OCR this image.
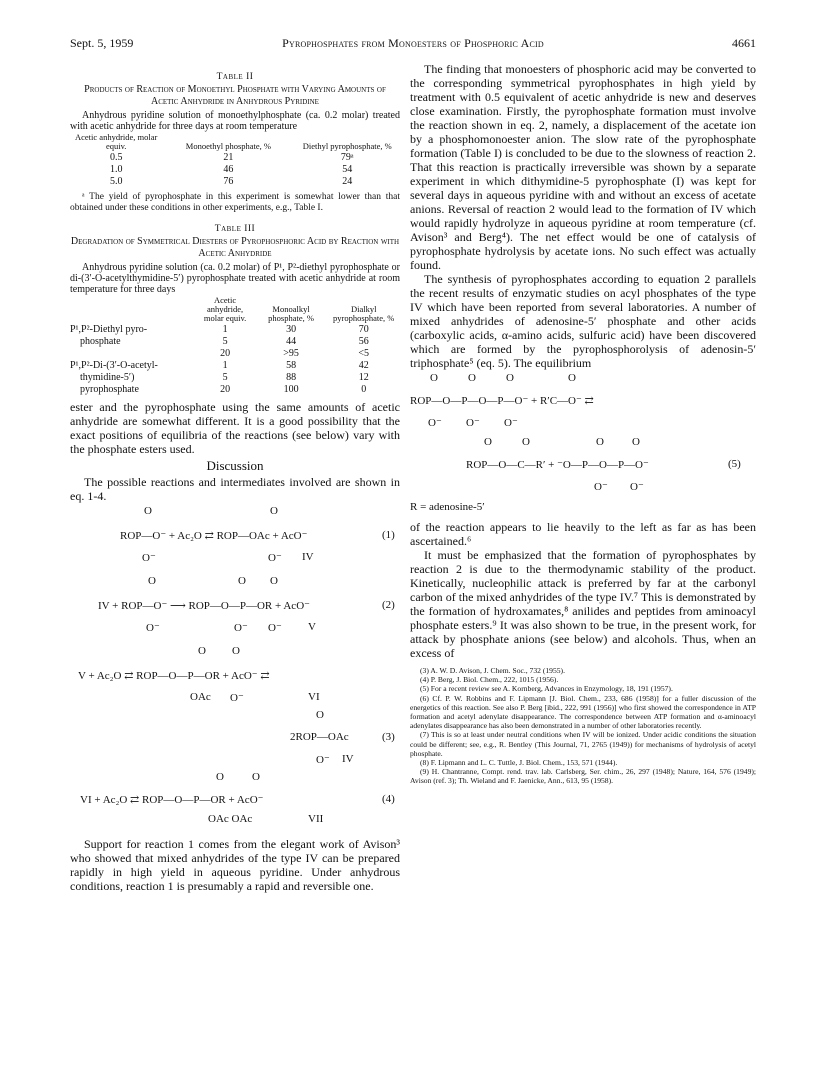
Sept. 5, 1959	Pyrophosphates from Monoesters of Phosphoric Acid	4661
Table II
Products of Reaction of Monoethyl Phosphate with Varying Amounts of Acetic Anhydride in Anhydrous Pyridine
Anhydrous pyridine solution of monoethylphosphate (ca. 0.2 molar) treated with acetic anhydride for three days at room temperature
Acetic anhydride, molar equiv.	Monoethyl phosphate, %	Diethyl pyrophosphate, %
0.5	21	79ᵃ
1.0	46	54
5.0	76	24
ᵃ The yield of pyrophosphate in this experiment is somewhat lower than that obtained under these conditions in other experiments, e.g., Table I.
Table III
Degradation of Symmetrical Diesters of Pyrophosphoric Acid by Reaction with Acetic Anhydride
Anhydrous pyridine solution (ca. 0.2 molar) of P¹, P²-diethyl pyrophosphate or di-(3′-O-acetylthymidine-5′) pyrophosphate treated with acetic anhydride at room temperature for three days
	Acetic anhydride, molar equiv.	Monoalkyl phosphate, %	Dialkyl pyrophosphate, %
P¹,P²-Diethyl pyro-	1	30	70
phosphate	5	44	56
	20	>95	<5
P¹,P²-Di-(3′-O-acetyl-	1	58	42
thymidine-5′)	5	88	12
pyrophosphate	20	100	0

ester and the pyrophosphate using the same amounts of acetic anhydride are somewhat different. It is a good possibility that the exact positions of equilibria of the reactions (see below) vary with the phosphate esters used.

Discussion

The possible reactions and intermediates involved are shown in eq. 1-4.

O	O
ROP—O⁻ + Ac₂O ⇄ ROP—OAc + AcO⁻	(1)
O⁻	O⁻ IV
O	O O
IV + ROP—O⁻ ⟶ ROP—O—P—OR + AcO⁻	(2)
O⁻	O⁻ O⁻ V
O O
V + Ac₂O ⇄ ROP—O—P—OR + AcO⁻ ⇄
OAc O⁻	VI
O
2ROP—OAc	(3)
O⁻ IV
O	O
VI + Ac₂O ⇄ ROP—O—P—OR + AcO⁻	(4)
OAc OAc	VII

Support for reaction 1 comes from the elegant work of Avison³ who showed that mixed anhydrides of the type IV can be prepared rapidly in high yield in aqueous pyridine. Under anhydrous conditions, reaction 1 is presumably a rapid and reversible one.

The finding that monoesters of phosphoric acid may be converted to the corresponding symmetrical pyrophosphates in high yield by treatment with 0.5 equivalent of acetic anhydride is new and deserves close examination. Firstly, the pyrophosphate formation must involve the reaction shown in eq. 2, namely, a displacement of the acetate ion by a phosphomonoester anion. The slow rate of the pyrophosphate formation (Table I) is concluded to be due to the slowness of reaction 2. That this reaction is practically irreversible was shown by a separate experiment in which dithymidine-5 pyrophosphate (I) was kept for several days in aqueous pyridine with and without an excess of acetate anions. Reversal of reaction 2 would lead to the formation of IV which would rapidly hydrolyze in aqueous pyridine at room temperature (cf. Avison³ and Berg⁴). The net effect would be one of catalysis of pyrophosphate hydrolysis by acetate ions. No such effect was actually found.

The synthesis of pyrophosphates according to equation 2 parallels the recent results of enzymatic studies on acyl phosphates of the type IV which have been reported from several laboratories. A number of mixed anhydrides of adenosine-5′ phosphate and other acids (carboxylic acids, α-amino acids, sulfuric acid) have been discovered which are formed by the pyrophosphorolysis of adenosin-5′ triphosphate⁵ (eq. 5). The equilibrium

O	O	O	O
ROP—O—P—O—P—O⁻ + R′C—O⁻ ⇄
O⁻ O⁻ O⁻
O	O	O	O
ROP—O—C—R′ + ⁻O—P—O—P—O⁻	(5)
O⁻ O⁻
R = adenosine-5′

of the reaction appears to lie heavily to the left as far as has been ascertained.⁶

It must be emphasized that the formation of pyrophosphates by reaction 2 is due to the thermodynamic stability of the product. Kinetically, nucleophilic attack is preferred by far at the carbonyl carbon of the mixed anhydrides of the type IV.⁷ This is demonstrated by the formation of hydroxamates,⁸ anilides and peptides from aminoacyl phosphate esters.⁹ It was also shown to be true, in the present work, for attack by phosphate anions (see below) and alcohols. Thus, when an excess of

(3) A. W. D. Avison, J. Chem. Soc., 732 (1955).

(4) P. Berg, J. Biol. Chem., 222, 1015 (1956).

(5) For a recent review see A. Kornberg, Advances in Enzymology, 18, 191 (1957).

(6) Cf. P. W. Robbins and F. Lipmann [J. Biol. Chem., 233, 686 (1958)] for a fuller discussion of the energetics of this reaction. See also P. Berg [ibid., 222, 991 (1956)] who first showed the correspondence in ATP formation and acetyl adenylate disappearance. The correspondence between ATP formation and α-aminoacyl adenylates disappearance has also been demonstrated in a number of other laboratories recently.

(7) This is so at least under neutral conditions when IV will be ionized. Under acidic conditions the situation could be different; see, e.g., R. Bentley (This Journal, 71, 2765 (1949)) for mechanisms of hydrolysis of acetyl phosphate.

(8) F. Lipmann and L. C. Tuttle, J. Biol. Chem., 153, 571 (1944).

(9) H. Chantranne, Compt. rend. trav. lab. Carlsberg, Ser. chim., 26, 297 (1948); Nature, 164, 576 (1949); Avison (ref. 3); Th. Wieland and F. Jaenicke, Ann., 613, 95 (1958).
